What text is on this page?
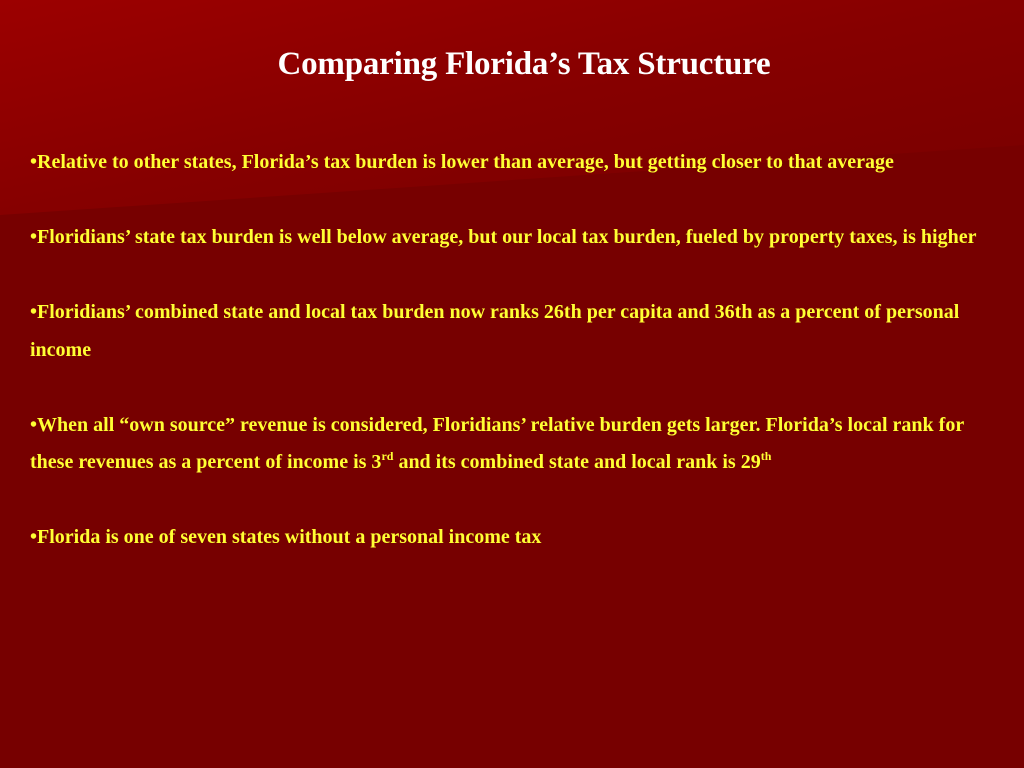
Comparing Florida’s Tax Structure

•Relative to other states, Florida’s tax burden is lower than average, but getting closer to that average

•Floridians’ state tax burden is well below average, but our local tax burden, fueled by property taxes, is higher

•Floridians’ combined state and local tax burden now ranks 26th per capita and 36th as a percent of personal income

•When all “own source” revenue is considered, Floridians’ relative burden gets larger. Florida’s local rank for these revenues as a percent of income is 3rd and its combined state and local rank is 29th

•Florida is one of seven states without a personal income tax
